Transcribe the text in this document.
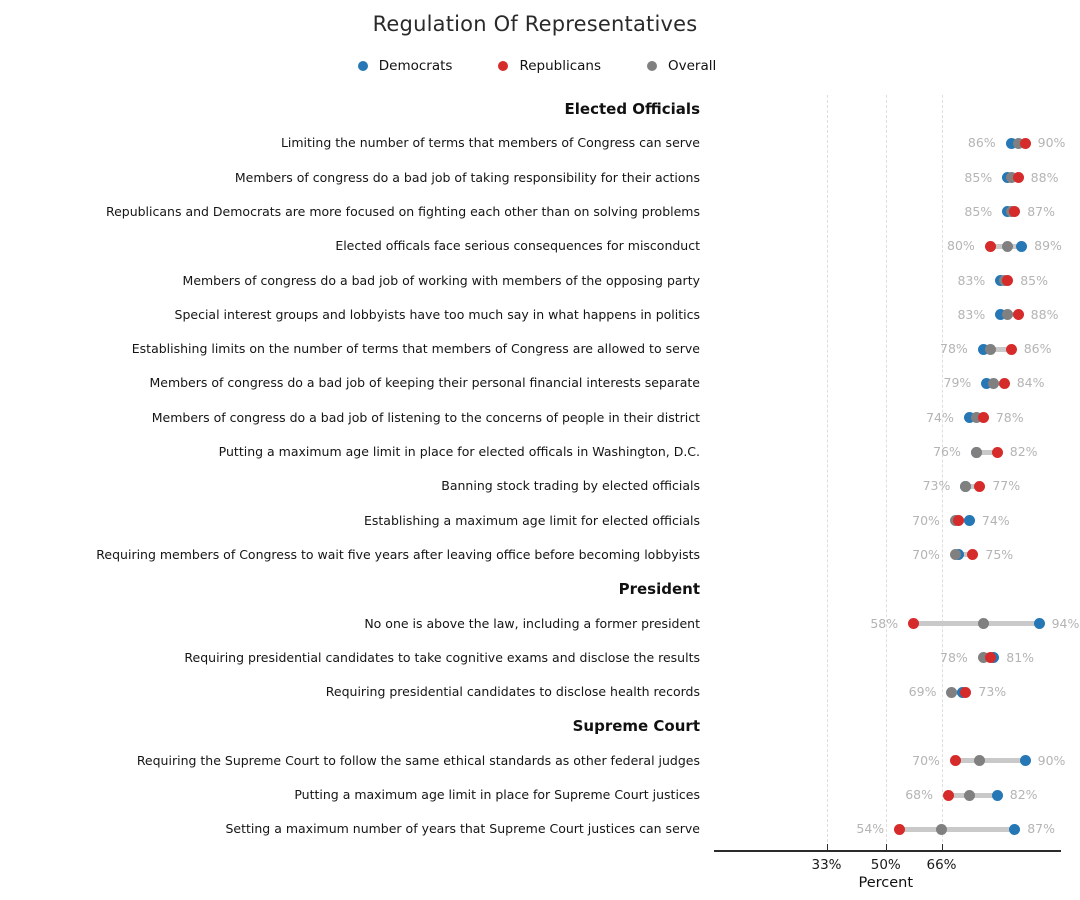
Regulation Of Representatives
Democrats	Republicans	Overall
Elected Officials
Limiting the number of terms that members of Congress can serve	86%	90%
Members of congress do a bad job of taking responsibility for their actions	85%	88%
Republicans and Democrats are more focused on fighting each other than on solving problems	85%	87%
Elected officals face serious consequences for misconduct	80%	89%
Members of congress do a bad job of working with members of the opposing party	83%	85%
Special interest groups and lobbyists have too much say in what happens in politics	83%	88%
Establishing limits on the number of terms that members of Congress are allowed to serve	78%	86%
Members of congress do a bad job of keeping their personal financial interests separate	79%	84%
Members of congress do a bad job of listening to the concerns of people in their district	74%	78%
Putting a maximum age limit in place for elected officals in Washington, D.C.	76%	82%
Banning stock trading by elected officials	73%	77%
Establishing a maximum age limit for elected officials	70%	74%
Requiring members of Congress to wait five years after leaving office before becoming lobbyists	70%	75%
President
No one is above the law, including a former president	58%	94%
Requiring presidential candidates to take cognitive exams and disclose the results	78%	81%
Requiring presidential candidates to disclose health records	69%	73%
Supreme Court
Requiring the Supreme Court to follow the same ethical standards as other federal judges	70%	90%
Putting a maximum age limit in place for Supreme Court justices	68%	82%
Setting a maximum number of years that Supreme Court justices can serve	54%	87%
33%	50%	66%
Percent
